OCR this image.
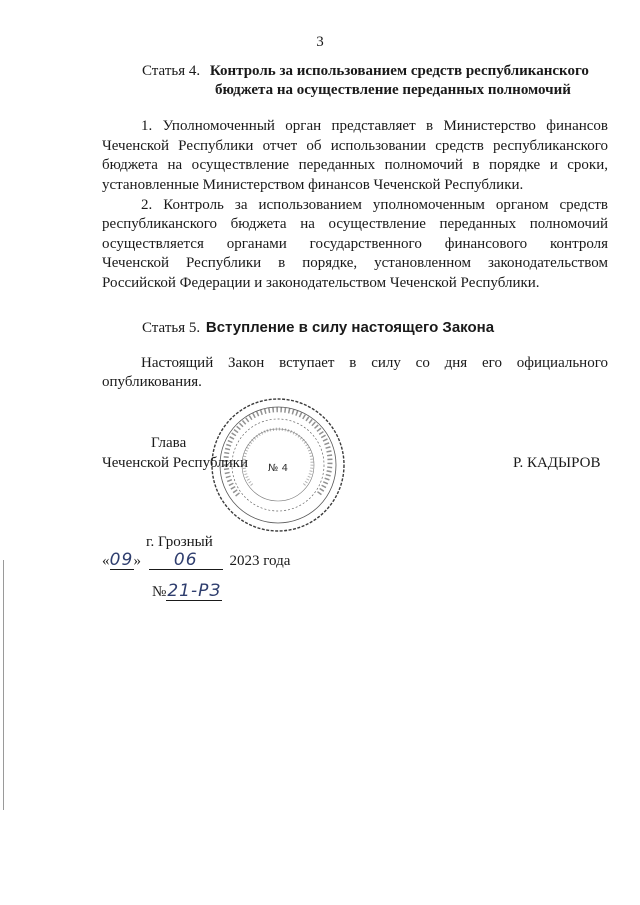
3
Статья 4. Контроль за использованием средств республиканского
бюджета на осуществление переданных полномочий
1. Уполномоченный орган представляет в Министерство финансов
Чеченской Республики отчет об использовании средств республиканского
бюджета на осуществление переданных полномочий в порядке и сроки,
установленные Министерством финансов Чеченской Республики.
2. Контроль за использованием уполномоченным органом средств
республиканского бюджета на осуществление переданных полномочий
осуществляется органами государственного финансового контроля
Чеченской Республики в порядке, установленном законодательством
Российской Федерации и законодательством Чеченской Республики.
Статья 5. Вступление в силу настоящего Закона
Настоящий Закон вступает в силу со дня его официального
опубликования.
№ 4
Глава
Чеченской Республики	Р. КАДЫРОВ
г. Грозный
«09» 06 2023 года
№21-РЗ
